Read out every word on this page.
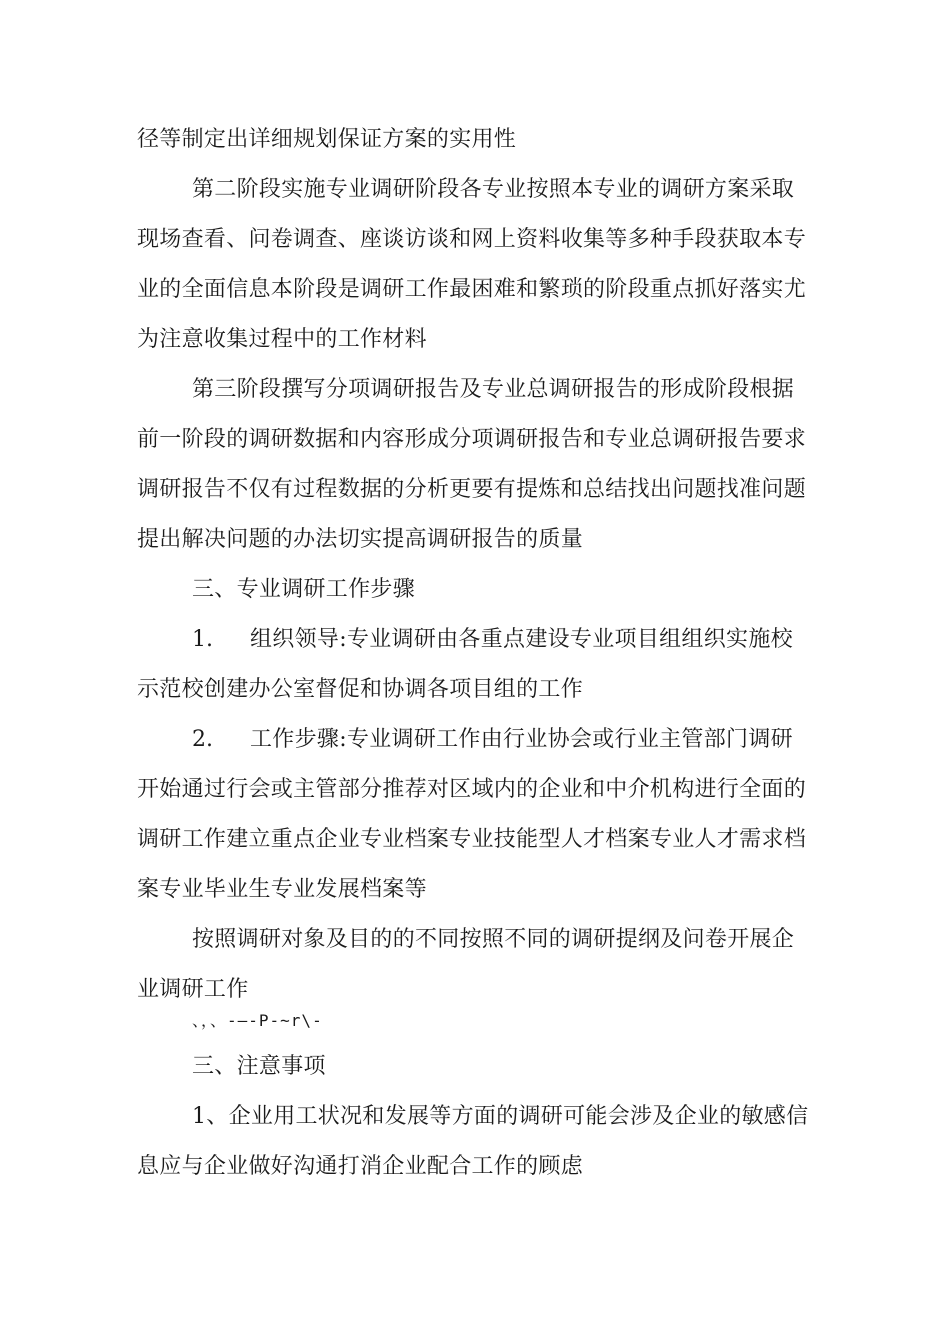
径等制定出详细规划保证方案的实用性
第二阶段实施专业调研阶段各专业按照本专业的调研方案采取
现场查看、问卷调查、座谈访谈和网上资料收集等多种手段获取本专
业的全面信息本阶段是调研工作最困难和繁琐的阶段重点抓好落实尤
为注意收集过程中的工作材料
第三阶段撰写分项调研报告及专业总调研报告的形成阶段根据
前一阶段的调研数据和内容形成分项调研报告和专业总调研报告要求
调研报告不仅有过程数据的分析更要有提炼和总结找出问题找准问题
提出解决问题的办法切实提高调研报告的质量
三、专业调研工作步骤
1. 组织领导:专业调研由各重点建设专业项目组组织实施校
示范校创建办公室督促和协调各项目组的工作
2. 工作步骤:专业调研工作由行业协会或行业主管部门调研
开始通过行会或主管部分推荐对区域内的企业和中介机构进行全面的
调研工作建立重点企业专业档案专业技能型人才档案专业人才需求档
案专业毕业生专业发展档案等
按照调研对象及目的的不同按照不同的调研提纲及问卷开展企
业调研工作
、，、-—-P-~r\-
三、注意事项
1、企业用工状况和发展等方面的调研可能会涉及企业的敏感信
息应与企业做好沟通打消企业配合工作的顾虑
